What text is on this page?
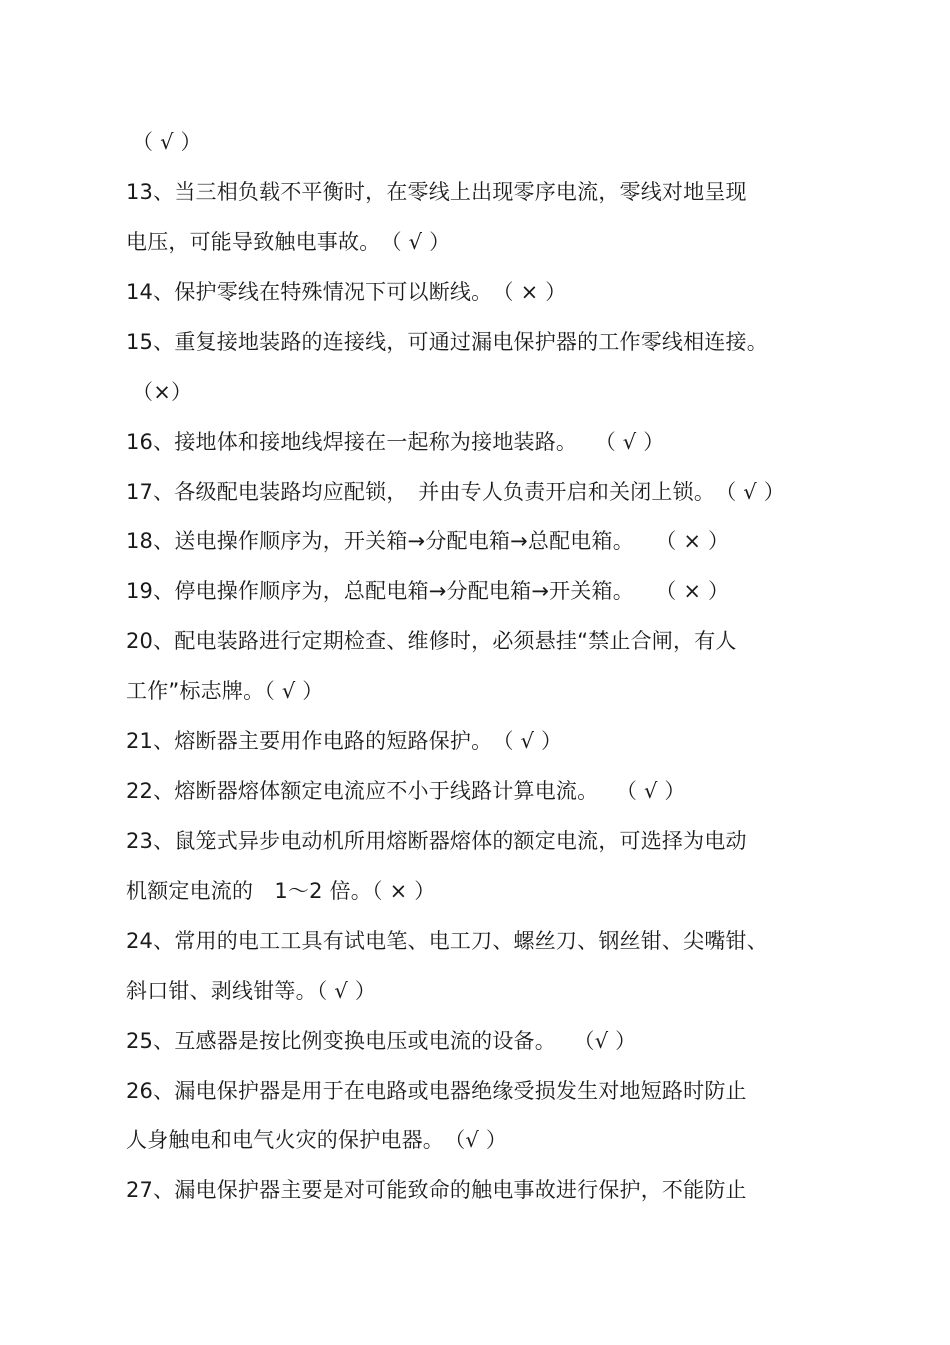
（ √ ）
13、当三相负载不平衡时，在零线上出现零序电流，零线对地呈现
电压，可能导致触电事故。　（ √ ）
14、保护零线在特殊情况下可以断线。　（ × ）
15、重复接地装路的连接线，可通过漏电保护器的工作零线相连接。
（×）
16、接地体和接地线焊接在一起称为接地装路。　 （ √ ）
17、各级配电装路均应配锁，　并由专人负责开启和关闭上锁。　（ √ ）
18、送电操作顺序为，开关箱→分配电箱→总配电箱。　　（ × ）
19、停电操作顺序为，总配电箱→分配电箱→开关箱。　　（ × ）
20、配电装路进行定期检查、维修时，必须悬挂“禁止合闸，有人
工作”标志牌。（ √ ）
21、熔断器主要用作电路的短路保护。　（ √ ）
22、熔断器熔体额定电流应不小于线路计算电流。　 （ √ ）
23、鼠笼式异步电动机所用熔断器熔体的额定电流，可选择为电动
机额定电流的　1～2 倍。（ × ）
24、常用的电工工具有试电笔、电工刀、螺丝刀、钢丝钳、尖嘴钳、
斜口钳、剥线钳等。（ √ ）
25、互感器是按比例变换电压或电流的设备。　 （√ ）
26、漏电保护器是用于在电路或电器绝缘受损发生对地短路时防止
人身触电和电气火灾的保护电器。　（√ ）
27、漏电保护器主要是对可能致命的触电事故进行保护，不能防止
